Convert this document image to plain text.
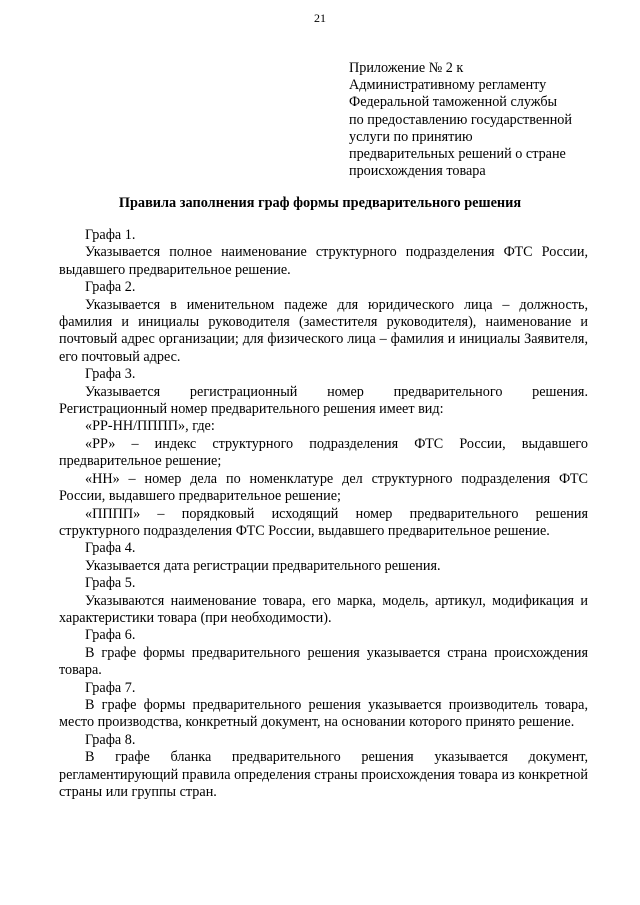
21
Приложение № 2 к
Административному регламенту
Федеральной таможенной службы
по предоставлению государственной
услуги по принятию
предварительных решений о стране
происхождения товара
Правила заполнения граф формы предварительного решения

Графа 1.

Указывается полное наименование структурного подразделения ФТС России, выдавшего предварительное решение.

Графа 2.

Указывается в именительном падеже для юридического лица – должность, фамилия и инициалы руководителя (заместителя руководителя), наименование и почтовый адрес организации; для физического лица – фамилия и инициалы Заявителя, его почтовый адрес.

Графа 3.

Указывается регистрационный номер предварительного решения. Регистрационный номер предварительного решения имеет вид:

«РР-НН/ПППП», где:

«РР» – индекс структурного подразделения ФТС России, выдавшего предварительное решение;

«НН» – номер дела по номенклатуре дел структурного подразделения ФТС России, выдавшего предварительное решение;

«ПППП» – порядковый исходящий номер предварительного решения структурного подразделения ФТС России, выдавшего предварительное решение.

Графа 4.

Указывается дата регистрации предварительного решения.

Графа 5.

Указываются наименование товара, его марка, модель, артикул, модификация и характеристики товара (при необходимости).

Графа 6.

В графе формы предварительного решения указывается страна происхождения товара.

Графа 7.

В графе формы предварительного решения указывается производитель товара, место производства, конкретный документ, на основании которого принято решение.

Графа 8.

В графе бланка предварительного решения указывается документ, регламентирующий правила определения страны происхождения товара из конкретной страны или группы стран.
